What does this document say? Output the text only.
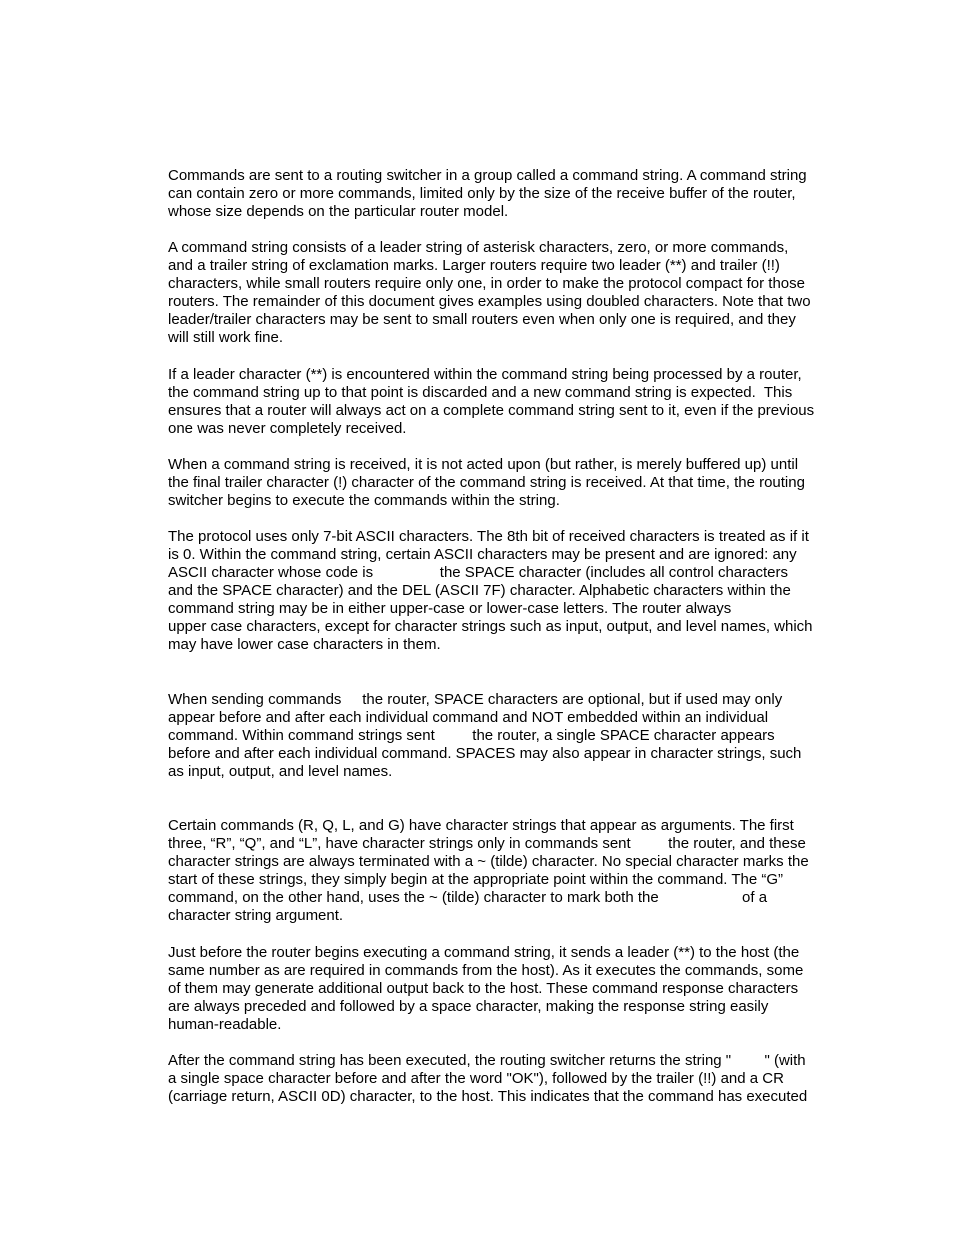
Commands are sent to a routing switcher in a group called a command string. A command string
can contain zero or more commands, limited only by the size of the receive buffer of the router,
whose size depends on the particular router model.

A command string consists of a leader string of asterisk characters, zero, or more commands,
and a trailer string of exclamation marks. Larger routers require two leader (**) and trailer (!!)
characters, while small routers require only one, in order to make the protocol compact for those
routers. The remainder of this document gives examples using doubled characters. Note that two
leader/trailer characters may be sent to small routers even when only one is required, and they
will still work fine.

If a leader character (**) is encountered within the command string being processed by a router,
the command string up to that point is discarded and a new command string is expected.  This
ensures that a router will always act on a complete command string sent to it, even if the previous
one was never completely received.

When a command string is received, it is not acted upon (but rather, is merely buffered up) until
the final trailer character (!) character of the command string is received. At that time, the routing
switcher begins to execute the commands within the string.

The protocol uses only 7-bit ASCII characters. The 8th bit of received characters is treated as if it
is 0. Within the command string, certain ASCII characters may be present and are ignored: any
ASCII character whose code is                the SPACE character (includes all control characters
and the SPACE character) and the DEL (ASCII 7F) character. Alphabetic characters within the
command string may be in either upper-case or lower-case letters. The router always
upper case characters, except for character strings such as input, output, and level names, which
may have lower case characters in them.

When sending commands     the router, SPACE characters are optional, but if used may only
appear before and after each individual command and NOT embedded within an individual
command. Within command strings sent         the router, a single SPACE character appears
before and after each individual command. SPACES may also appear in character strings, such
as input, output, and level names.

Certain commands (R, Q, L, and G) have character strings that appear as arguments. The first
three, “R”, “Q”, and “L”, have character strings only in commands sent         the router, and these
character strings are always terminated with a ~ (tilde) character. No special character marks the
start of these strings, they simply begin at the appropriate point within the command. The “G”
command, on the other hand, uses the ~ (tilde) character to mark both the                    of a
character string argument.

Just before the router begins executing a command string, it sends a leader (**) to the host (the
same number as are required in commands from the host). As it executes the commands, some
of them may generate additional output back to the host. These command response characters
are always preceded and followed by a space character, making the response string easily
human-readable.

After the command string has been executed, the routing switcher returns the string "        " (with
a single space character before and after the word "OK"), followed by the trailer (!!) and a CR
(carriage return, ASCII 0D) character, to the host. This indicates that the command has executed
